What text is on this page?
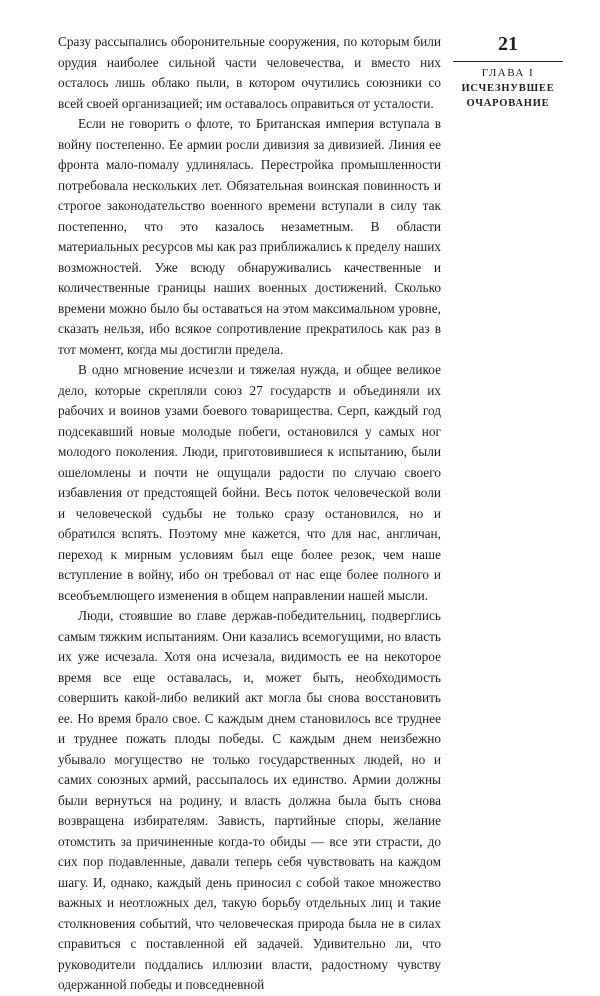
Сразу рассыпались оборонительные сооружения, по которым били орудия наиболее сильной части человечества, и вместо них осталось лишь облако пыли, в котором очутились союзники со всей своей организацией; им оставалось оправиться от усталости.

Если не говорить о флоте, то Британская империя вступала в войну постепенно. Ее армии росли дивизия за дивизией. Линия ее фронта мало-помалу удлинялась. Перестройка промышленности потребовала нескольких лет. Обязательная воинская повинность и строгое законодательство военного времени вступали в силу так постепенно, что это казалось незаметным. В области материальных ресурсов мы как раз приближались к пределу наших возможностей. Уже всюду обнаруживались качественные и количественные границы наших военных достижений. Сколько времени можно было бы оставаться на этом максимальном уровне, сказать нельзя, ибо всякое сопротивление прекратилось как раз в тот момент, когда мы достигли предела.

В одно мгновение исчезли и тяжелая нужда, и общее великое дело, которые скрепляли союз 27 государств и объединяли их рабочих и воинов узами боевого товарищества. Серп, каждый год подсекавший новые молодые побеги, остановился у самых ног молодого поколения. Люди, приготовившиеся к испытанию, были ошеломлены и почти не ощущали радости по случаю своего избавления от предстоящей бойни. Весь поток человеческой воли и человеческой судьбы не только сразу остановился, но и обратился вспять. Поэтому мне кажется, что для нас, англичан, переход к мирным условиям был еще более резок, чем наше вступление в войну, ибо он требовал от нас еще более полного и всеобъемлющего изменения в общем направлении нашей мысли.

Люди, стоявшие во главе держав-победительниц, подверглись самым тяжким испытаниям. Они казались всемогущими, но власть их уже исчезала. Хотя она исчезала, видимость ее на некоторое время все еще оставалась, и, может быть, необходимость совершить какой-либо великий акт могла бы снова восстановить ее. Но время брало свое. С каждым днем становилось все труднее и труднее пожать плоды победы. С каждым днем неизбежно убывало могущество не только государственных людей, но и самих союзных армий, рассыпалось их единство. Армии должны были вернуться на родину, и власть должна была быть снова возвращена избирателям. Зависть, партийные споры, желание отомстить за причиненные когда-то обиды — все эти страсти, до сих пор подавленные, давали теперь себя чувствовать на каждом шагу. И, однако, каждый день приносил с собой такое множество важных и неотложных дел, такую борьбу отдельных лиц и такие столкновения событий, что человеческая природа была не в силах справиться с поставленной ей задачей. Удивительно ли, что руководители поддались иллюзии власти, радостному чувству одержанной победы и повседневной

21
ГЛАВА I
ИСЧЕЗНУВШЕЕ
ОЧАРОВАНИЕ
